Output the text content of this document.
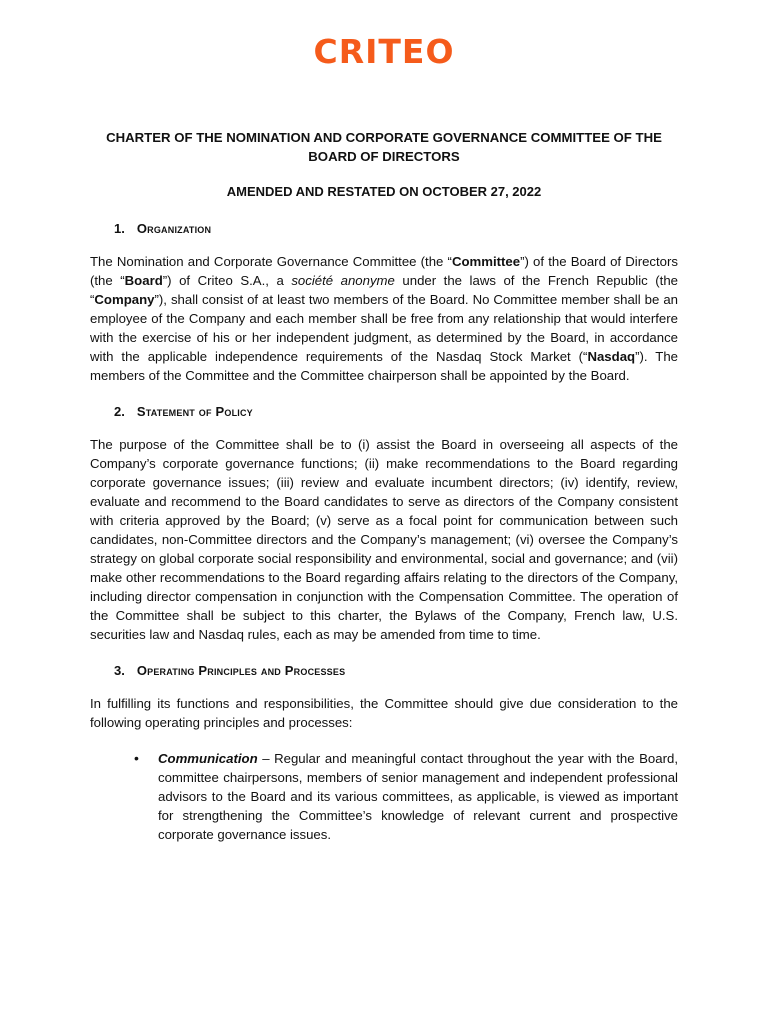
CRITEO
CHARTER OF THE NOMINATION AND CORPORATE GOVERNANCE COMMITTEE OF THE BOARD OF DIRECTORS
AMENDED AND RESTATED ON OCTOBER 27, 2022
1. Organization

The Nomination and Corporate Governance Committee (the “Committee”) of the Board of Directors (the “Board”) of Criteo S.A., a société anonyme under the laws of the French Republic (the “Company”), shall consist of at least two members of the Board. No Committee member shall be an employee of the Company and each member shall be free from any relationship that would interfere with the exercise of his or her independent judgment, as determined by the Board, in accordance with the applicable independence requirements of the Nasdaq Stock Market (“Nasdaq”). The members of the Committee and the Committee chairperson shall be appointed by the Board.

2. Statement of Policy

The purpose of the Committee shall be to (i) assist the Board in overseeing all aspects of the Company’s corporate governance functions; (ii) make recommendations to the Board regarding corporate governance issues; (iii) review and evaluate incumbent directors; (iv) identify, review, evaluate and recommend to the Board candidates to serve as directors of the Company consistent with criteria approved by the Board; (v) serve as a focal point for communication between such candidates, non-Committee directors and the Company’s management; (vi) oversee the Company’s strategy on global corporate social responsibility and environmental, social and governance; and (vii) make other recommendations to the Board regarding affairs relating to the directors of the Company, including director compensation in conjunction with the Compensation Committee. The operation of the Committee shall be subject to this charter, the Bylaws of the Company, French law, U.S. securities law and Nasdaq rules, each as may be amended from time to time.

3. Operating Principles and Processes

In fulfilling its functions and responsibilities, the Committee should give due consideration to the following operating principles and processes:

•	Communication – Regular and meaningful contact throughout the year with the Board, committee chairpersons, members of senior management and independent professional advisors to the Board and its various committees, as applicable, is viewed as important for strengthening the Committee’s knowledge of relevant current and prospective corporate governance issues.
